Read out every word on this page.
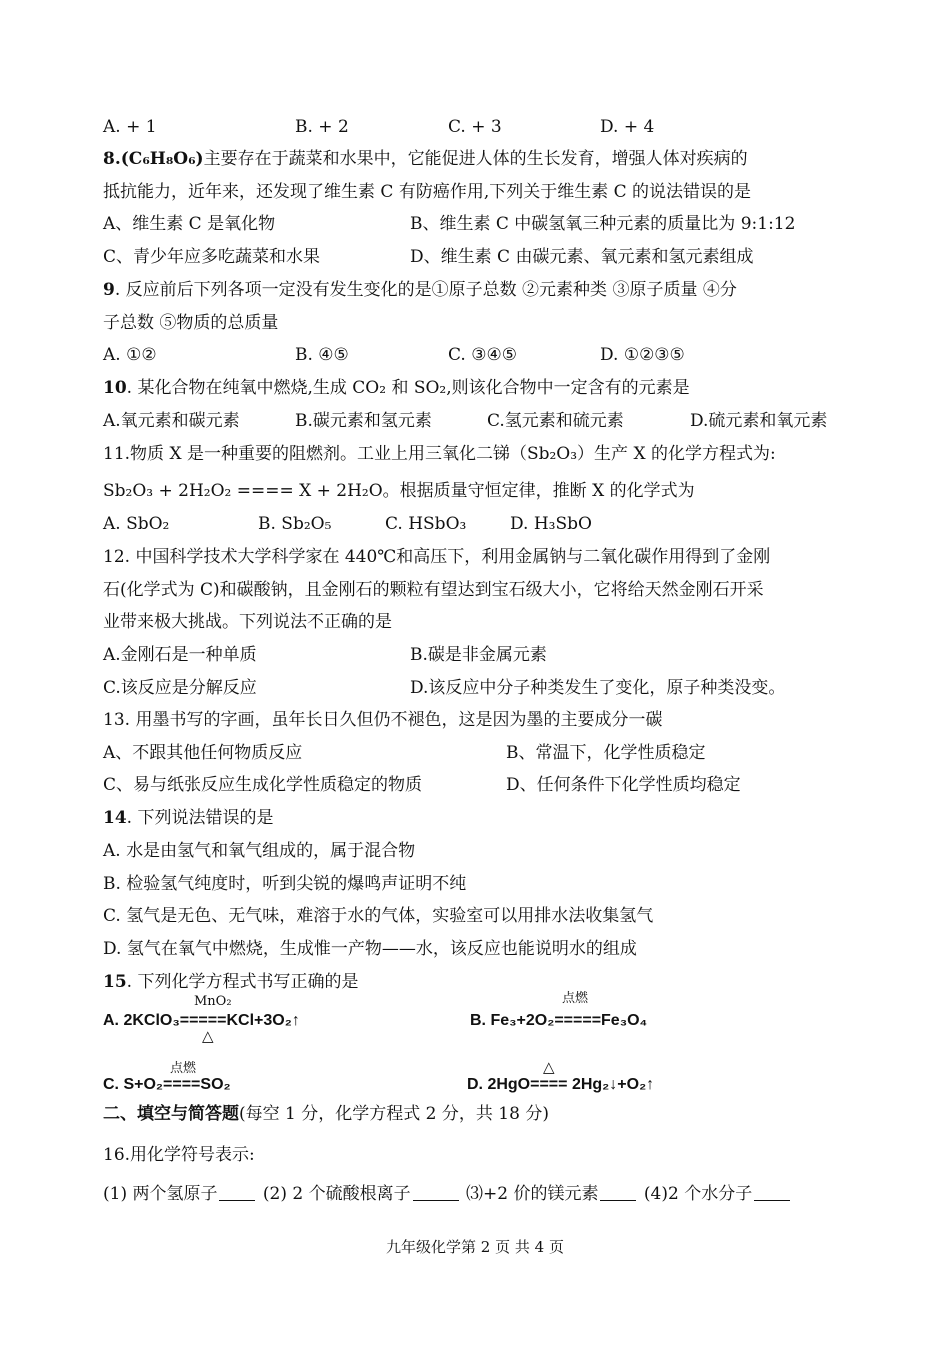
A. + 1	B. + 2	C. + 3	D. + 4
8.(C₆H₈O₆)主要存在于蔬菜和水果中，它能促进人体的生长发育，增强人体对疾病的
抵抗能力，近年来，还发现了维生素 C 有防癌作用,下列关于维生素 C 的说法错误的是
A、维生素 C 是氧化物	B、维生素 C 中碳氢氧三种元素的质量比为 9:1:12
C、青少年应多吃蔬菜和水果	D、维生素 C 由碳元素、氧元素和氢元素组成
9. 反应前后下列各项一定没有发生变化的是①原子总数 ②元素种类 ③原子质量 ④分
子总数 ⑤物质的总质量
A. ①②	B. ④⑤	C. ③④⑤	D. ①②③⑤
10. 某化合物在纯氧中燃烧,生成 CO₂ 和 SO₂,则该化合物中一定含有的元素是
A.氧元素和碳元素	B.碳元素和氢元素	C.氢元素和硫元素	D.硫元素和氧元素
11.物质 X 是一种重要的阻燃剂。工业上用三氧化二锑（Sb₂O₃）生产 X 的化学方程式为:
Sb₂O₃ + 2H₂O₂ ==== X + 2H₂O。根据质量守恒定律，推断 X 的化学式为
A. SbO₂	B. Sb₂O₅	C. HSbO₃	D. H₃SbO
12. 中国科学技术大学科学家在 440℃和高压下，利用金属钠与二氧化碳作用得到了金刚
石(化学式为 C)和碳酸钠，且金刚石的颗粒有望达到宝石级大小，它将给天然金刚石开采
业带来极大挑战。下列说法不正确的是
A.金刚石是一种单质	B.碳是非金属元素
C.该反应是分解反应	D.该反应中分子种类发生了变化，原子种类没变。
13. 用墨书写的字画，虽年长日久但仍不褪色，这是因为墨的主要成分一碳
A、不跟其他任何物质反应	B、常温下，化学性质稳定
C、易与纸张反应生成化学性质稳定的物质	D、任何条件下化学性质均稳定
14. 下列说法错误的是
A. 水是由氢气和氧气组成的，属于混合物
B. 检验氢气纯度时，听到尖锐的爆鸣声证明不纯
C. 氢气是无色、无气味，难溶于水的气体，实验室可以用排水法收集氢气
D. 氢气在氧气中燃烧，生成惟一产物——水，该反应也能说明水的组成
15. 下列化学方程式书写正确的是
MnO₂
A. 2KClO₃=====KCl+3O₂↑
△
点燃
B. Fe₃+2O₂=====Fe₃O₄
点燃
C. S+O₂====SO₂
△
D. 2HgO==== 2Hg₂↓+O₂↑
二、填空与简答题(每空 1 分，化学方程式 2 分，共 18 分)
16.用化学符号表示:
(1) 两个氢原子	(2) 2 个硫酸根离子	⑶+2 价的镁元素	(4)2 个水分子
九年级化学第 2 页 共 4 页
